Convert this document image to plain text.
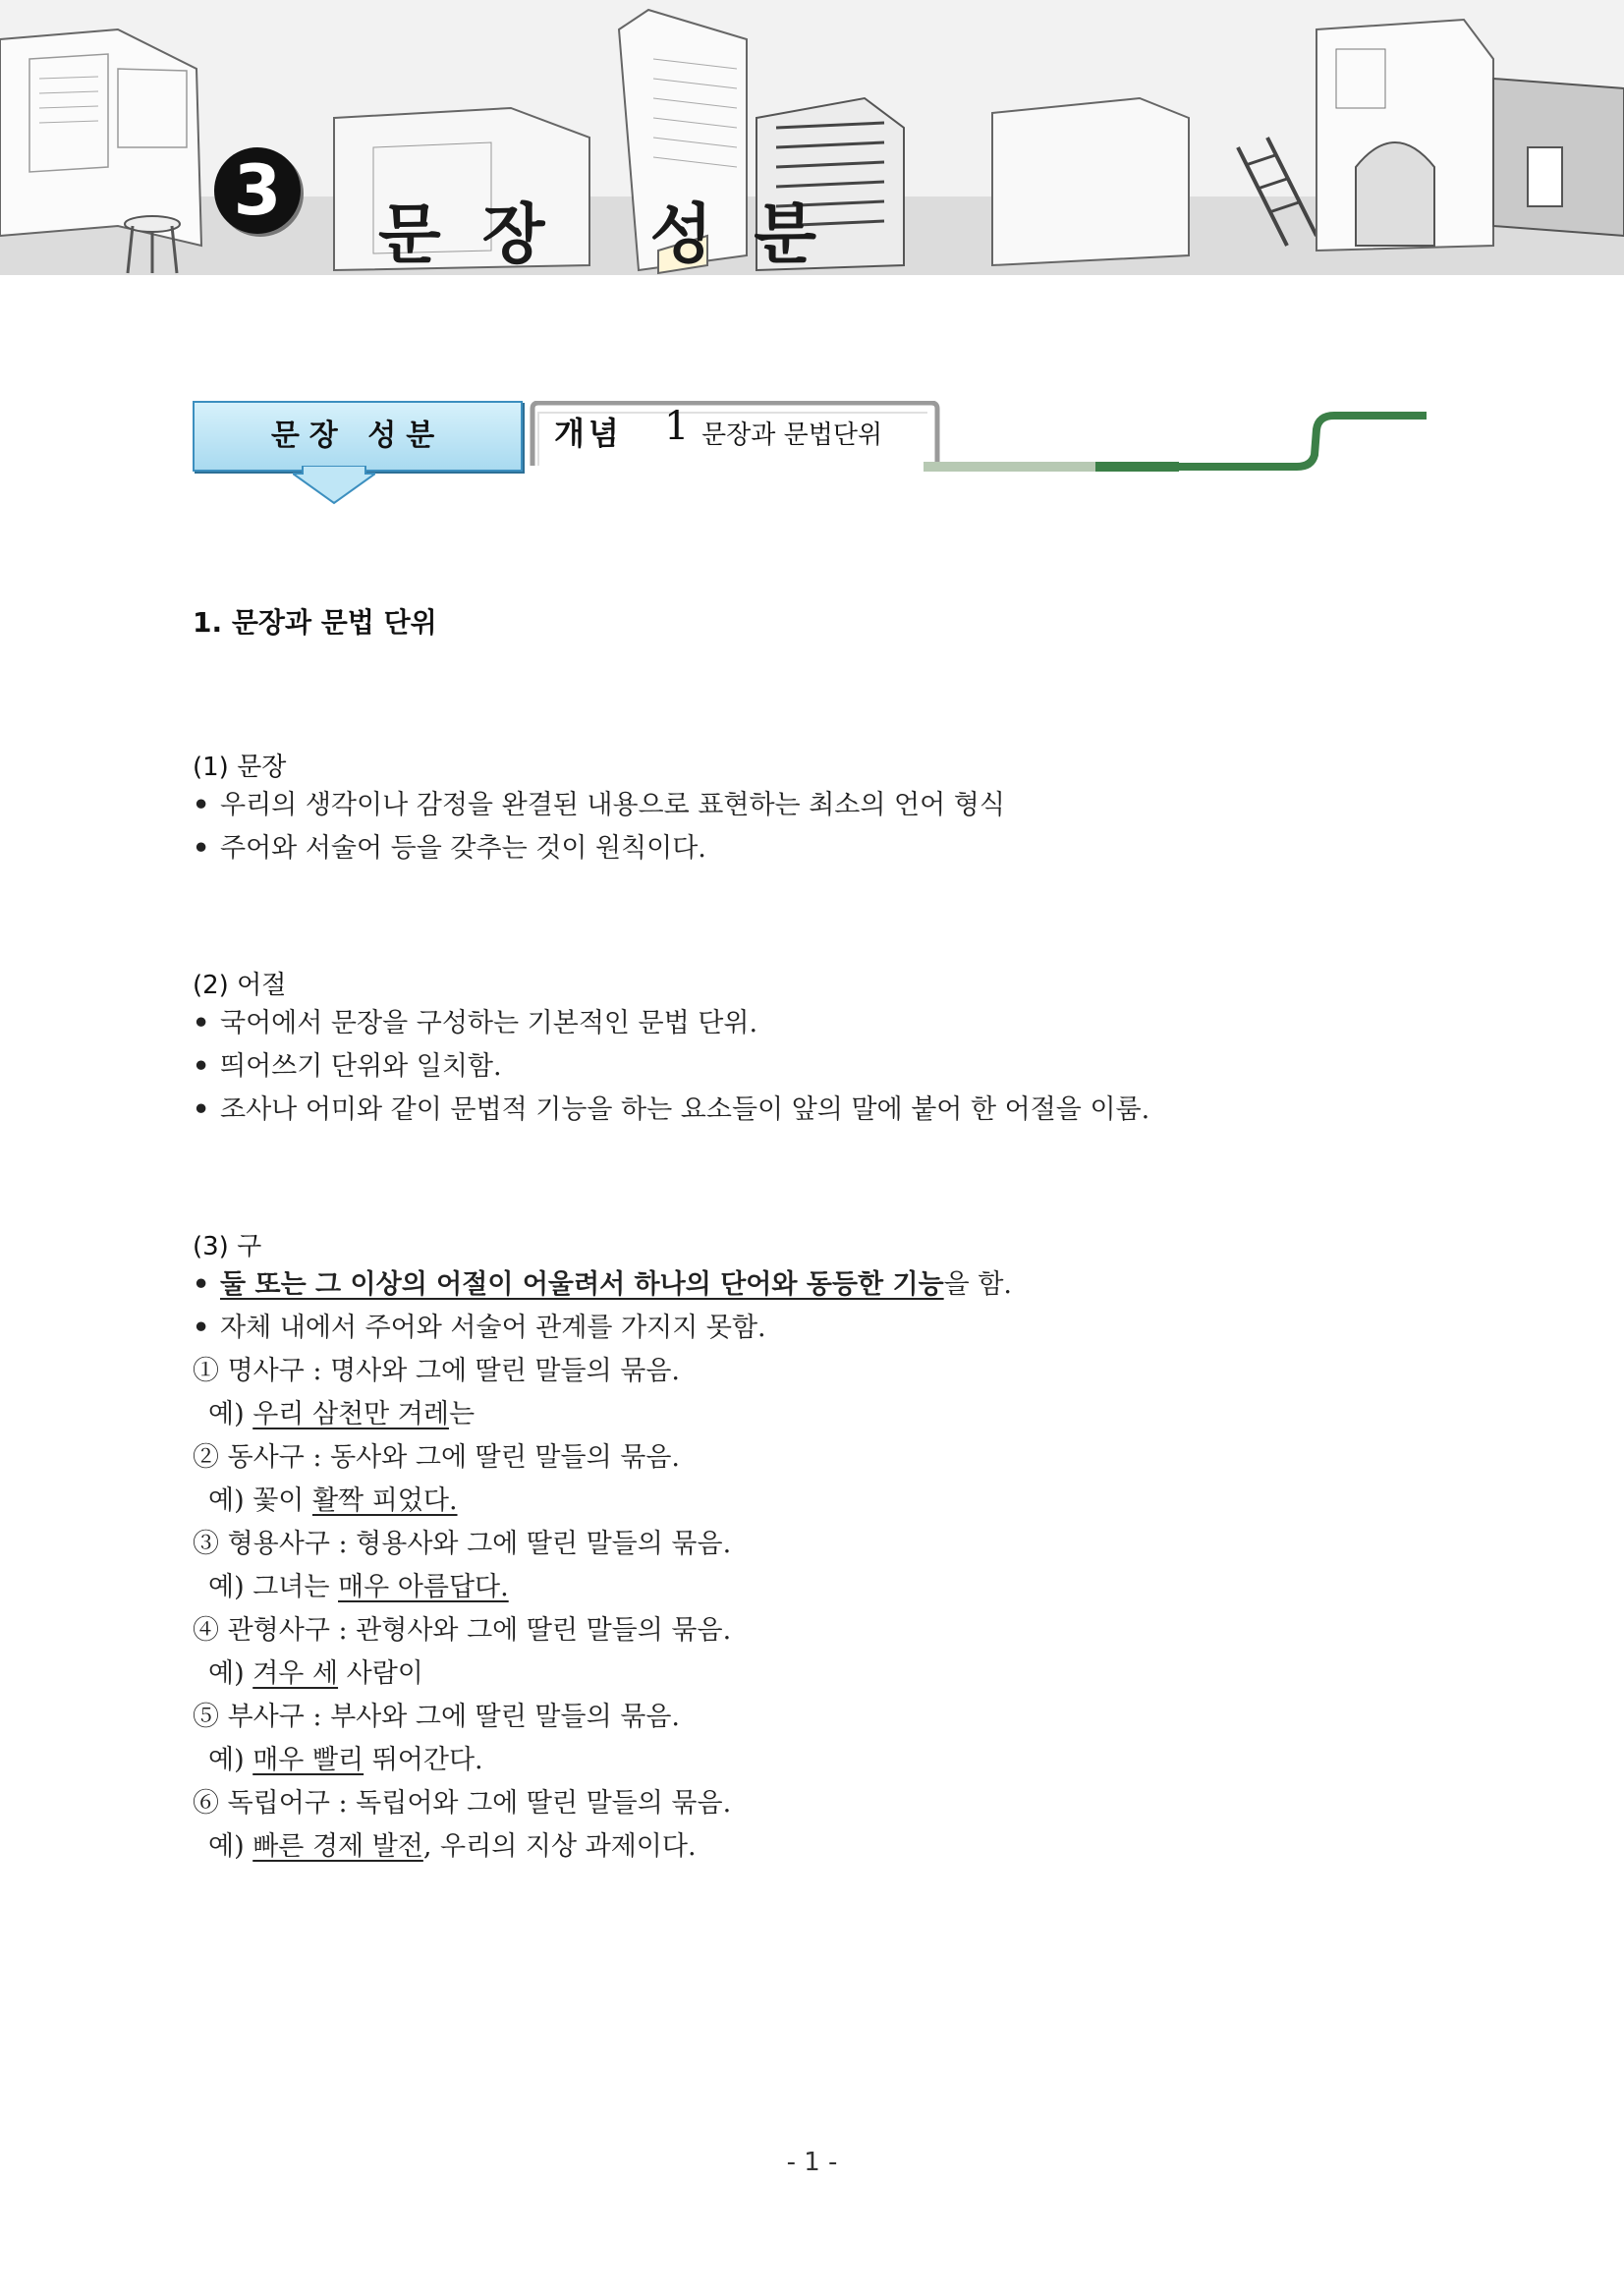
3
문장 성분
문장 성분	개념 1 문장과 문법단위
1. 문장과 문법 단위
(1) 문장
• 우리의 생각이나 감정을 완결된 내용으로 표현하는 최소의 언어 형식
• 주어와 서술어 등을 갖추는 것이 원칙이다.
(2) 어절
• 국어에서 문장을 구성하는 기본적인 문법 단위.
• 띄어쓰기 단위와 일치함.
• 조사나 어미와 같이 문법적 기능을 하는 요소들이 앞의 말에 붙어 한 어절을 이룸.
(3) 구
• 둘 또는 그 이상의 어절이 어울려서 하나의 단어와 동등한 기능을 함.
• 자체 내에서 주어와 서술어 관계를 가지지 못함.
① 명사구 : 명사와 그에 딸린 말들의 묶음.
예) 우리 삼천만 겨레는
② 동사구 : 동사와 그에 딸린 말들의 묶음.
예) 꽃이 활짝 피었다.
③ 형용사구 : 형용사와 그에 딸린 말들의 묶음.
예) 그녀는 매우 아름답다.
④ 관형사구 : 관형사와 그에 딸린 말들의 묶음.
예) 겨우 세 사람이
⑤ 부사구 : 부사와 그에 딸린 말들의 묶음.
예) 매우 빨리 뛰어간다.
⑥ 독립어구 : 독립어와 그에 딸린 말들의 묶음.
예) 빠른 경제 발전, 우리의 지상 과제이다.
- 1 -
